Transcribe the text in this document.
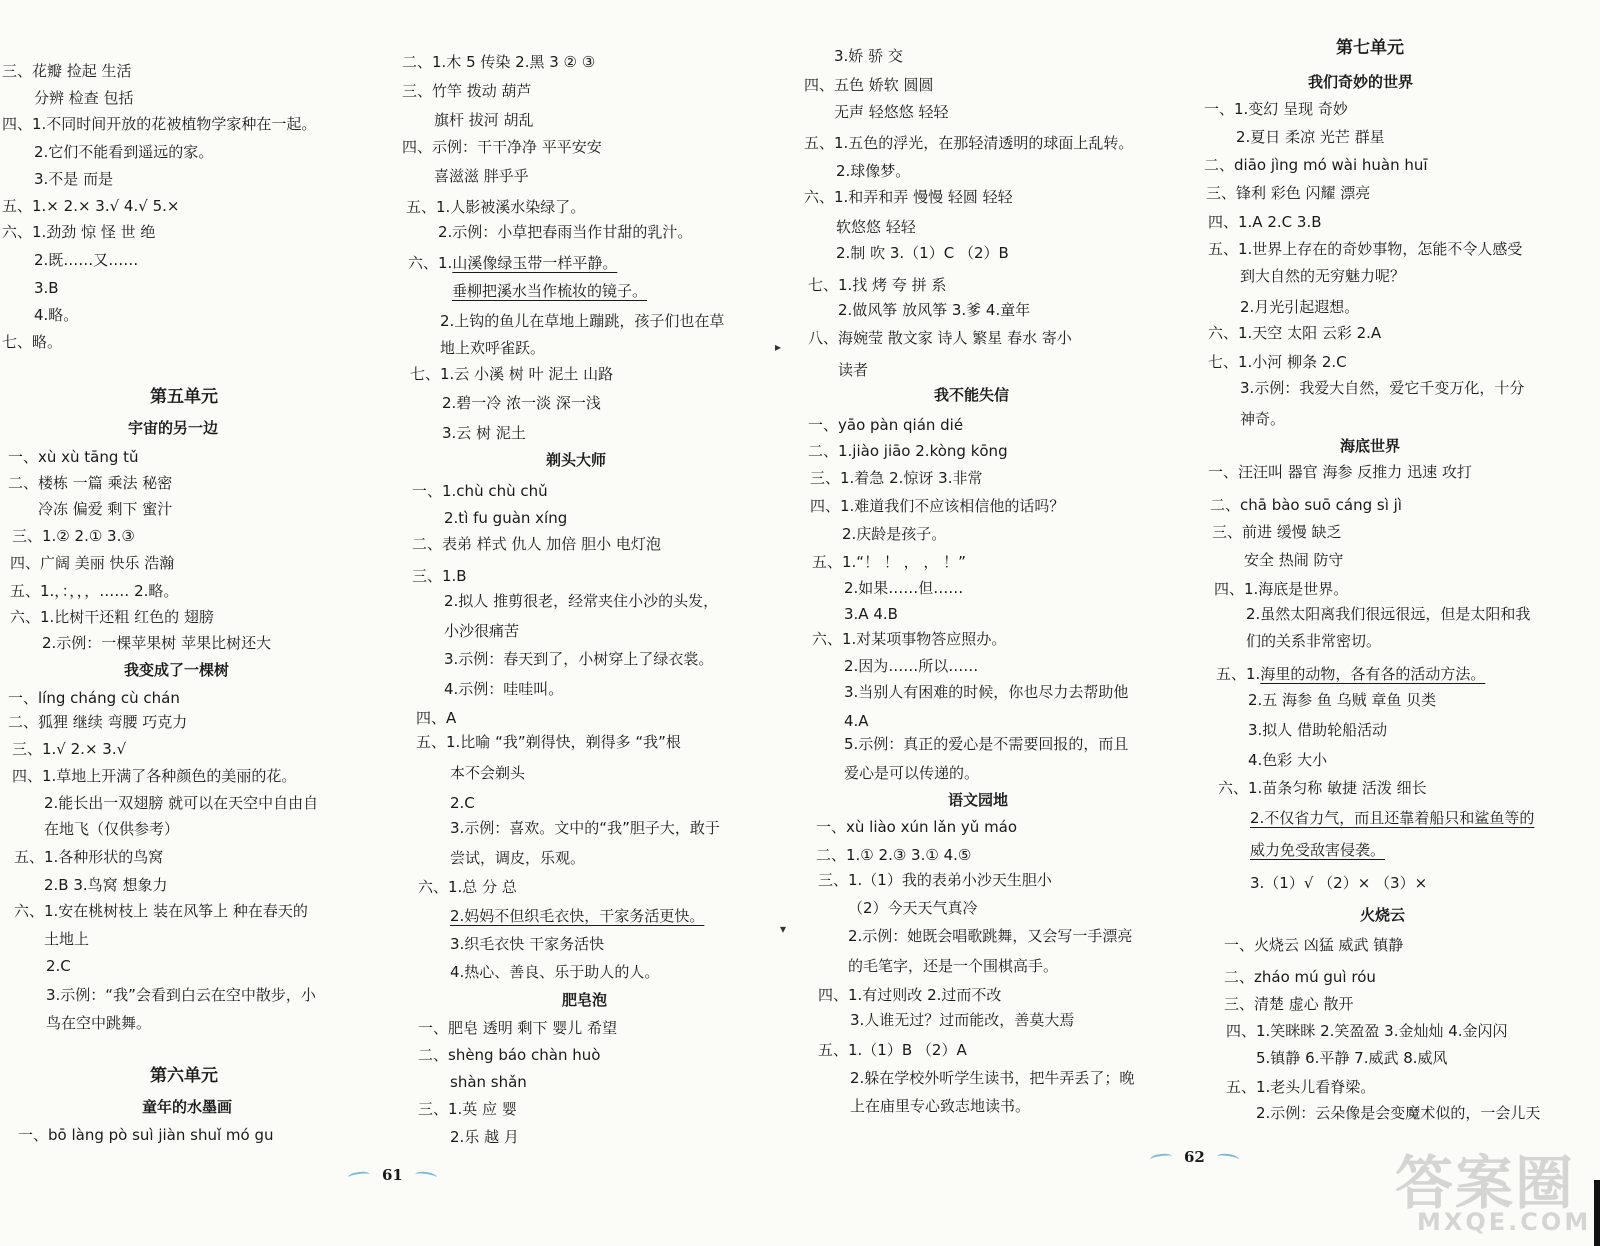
三、花瓣 捡起 生活
分辨 检查 包括
四、1.不同时间开放的花被植物学家种在一起。
2.它们不能看到遥远的家。
3.不是 而是
五、1.× 2.× 3.√ 4.√ 5.×
六、1.劲劲 惊 怪 世 绝
2.既……又……
3.B
4.略。
七、略。
第五单元
宇宙的另一边
一、xù xù tāng tǔ
二、楼栋 一篇 乘法 秘密
冷冻 偏爱 剩下 蜜汁
三、1.② 2.① 3.③
四、广阔 美丽 快乐 浩瀚
五、1.，：，，，…… 2.略。
六、1.比树干还粗 红色的 翅膀
2.示例：一棵苹果树 苹果比树还大
我变成了一棵树
一、líng cháng cù chán
二、狐狸 继续 弯腰 巧克力
三、1.√ 2.× 3.√
四、1.草地上开满了各种颜色的美丽的花。
2.能长出一双翅膀 就可以在天空中自由自
在地飞（仅供参考）
五、1.各种形状的鸟窝
2.B 3.鸟窝 想象力
六、1.安在桃树枝上 装在风筝上 种在春天的
土地上
2.C
3.示例：“我”会看到白云在空中散步，小
鸟在空中跳舞。
第六单元
童年的水墨画
一、bō làng pò suì jiàn shuǐ mó gu
二、1.木 5 传染 2.黑 3 ② ③
三、竹竿 拨动 葫芦
旗杆 拔河 胡乱
四、示例：干干净净 平平安安
喜滋滋 胖乎乎
五、1.人影被溪水染绿了。
2.示例：小草把春雨当作甘甜的乳汁。
六、1.山溪像绿玉带一样平静。
垂柳把溪水当作梳妆的镜子。
2.上钩的鱼儿在草地上蹦跳，孩子们也在草
地上欢呼雀跃。
七、1.云 小溪 树 叶 泥土 山路
2.碧一冷 浓一淡 深一浅
3.云 树 泥土
剃头大师
一、1.chù chù chǔ
2.tì fu guàn xíng
二、表弟 样式 仇人 加倍 胆小 电灯泡
三、1.B
2.拟人 推剪很老，经常夹住小沙的头发，
小沙很痛苦
3.示例：春天到了，小树穿上了绿衣裳。
4.示例：哇哇叫。
四、A
五、1.比喻 “我”剃得快，剃得多 “我”根
本不会剃头
2.C
3.示例：喜欢。文中的“我”胆子大，敢于
尝试，调皮，乐观。
六、1.总 分 总
2.妈妈不但织毛衣快，干家务活更快。
3.织毛衣快 干家务活快
4.热心、善良、乐于助人的人。
肥皂泡
一、肥皂 透明 剩下 婴儿 希望
二、shèng báo chàn huò
shàn shǎn
三、1.英 应 婴
2.乐 越 月
3.娇 骄 交
四、五色 娇软 圆圆
无声 轻悠悠 轻轻
五、1.五色的浮光，在那轻清透明的球面上乱转。
2.球像梦。
六、1.和弄和弄 慢慢 轻圆 轻轻
软悠悠 轻轻
2.制 吹 3.（1）C （2）B
七、1.找 烤 夸 拼 系
2.做风筝 放风筝 3.爹 4.童年
八、海婉莹 散文家 诗人 繁星 春水 寄小
读者
我不能失信
一、yāo pàn qián dié
二、1.jiào jiāo 2.kòng kōng
三、1.着急 2.惊讶 3.非常
四、1.难道我们不应该相信他的话吗？
2.庆龄是孩子。
五、1.“！ ！ ， ， ！”
2.如果……但……
3.A 4.B
六、1.对某项事物答应照办。
2.因为……所以……
3.当别人有困难的时候，你也尽力去帮助他
4.A
5.示例：真正的爱心是不需要回报的，而且
爱心是可以传递的。
语文园地
一、xù liào xún lǎn yǔ máo
二、1.① 2.③ 3.① 4.⑤
三、1.（1）我的表弟小沙天生胆小
（2）今天天气真冷
2.示例：她既会唱歌跳舞，又会写一手漂亮
的毛笔字，还是一个围棋高手。
四、1.有过则改 2.过而不改
3.人谁无过？过而能改，善莫大焉
五、1.（1）B （2）A
2.躲在学校外听学生读书，把牛弄丢了；晚
上在庙里专心致志地读书。
第七单元
我们奇妙的世界
一、1.变幻 呈现 奇妙
2.夏日 柔凉 光芒 群星
二、diāo jìng mó wài huàn huī
三、锋利 彩色 闪耀 漂亮
四、1.A 2.C 3.B
五、1.世界上存在的奇妙事物，怎能不令人感受
到大自然的无穷魅力呢？
2.月光引起遐想。
六、1.天空 太阳 云彩 2.A
七、1.小河 柳条 2.C
3.示例：我爱大自然，爱它千变万化，十分
神奇。
海底世界
一、汪汪叫 器官 海参 反推力 迅速 攻打
二、chā bào suō cáng sì jì
三、前进 缓慢 缺乏
安全 热闹 防守
四、1.海底是世界。
2.虽然太阳离我们很远很远，但是太阳和我
们的关系非常密切。
五、1.海里的动物，各有各的活动方法。
2.五 海参 鱼 乌贼 章鱼 贝类
3.拟人 借助轮船活动
4.色彩 大小
六、1.苗条匀称 敏捷 活泼 细长
2.不仅省力气，而且还靠着船只和鲨鱼等的
威力免受敌害侵袭。
3.（1）√ （2）× （3）×
火烧云
一、火烧云 凶猛 威武 镇静
二、zháo mú guì róu
三、清楚 虚心 散开
四、1.笑眯眯 2.笑盈盈 3.金灿灿 4.金闪闪
5.镇静 6.平静 7.威武 8.威风
五、1.老头儿看脊梁。
2.示例：云朵像是会变魔术似的，一会儿天
61
62
▸
▾
答案圈
MXQE.COM
